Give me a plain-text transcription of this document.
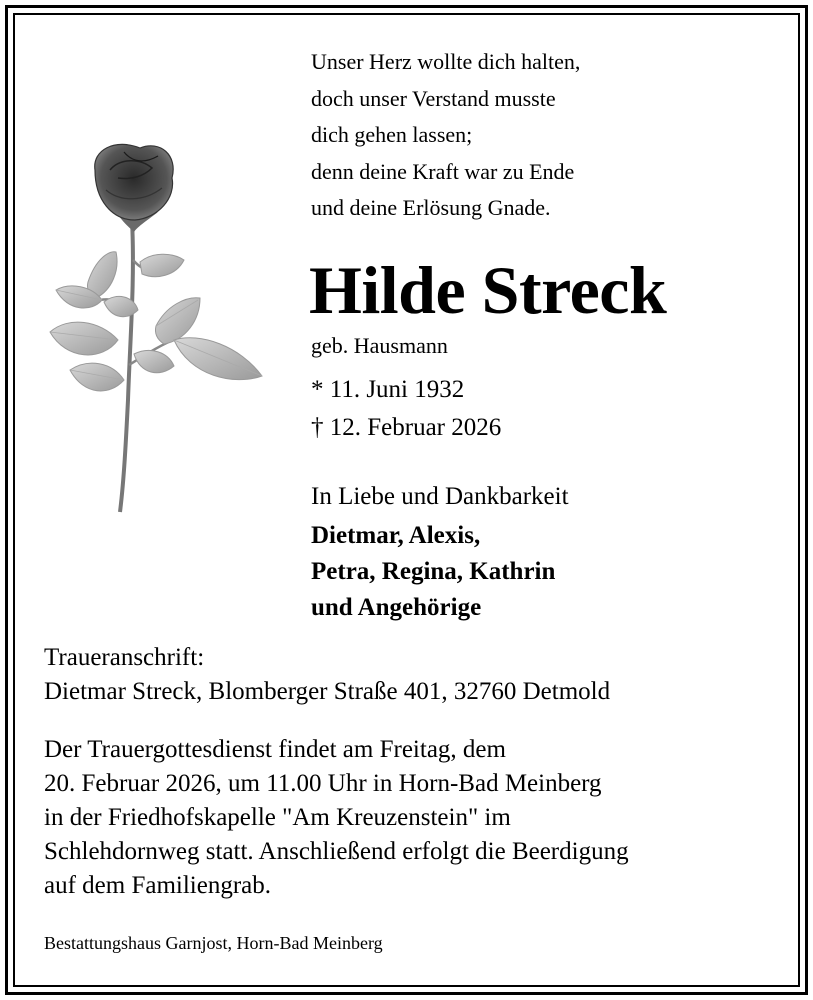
Unser Herz wollte dich halten,
doch unser Verstand musste
dich gehen lassen;
denn deine Kraft war zu Ende
und deine Erlösung Gnade.
Hilde Streck
geb. Hausmann
* 11. Juni 1932
† 12. Februar 2026
In Liebe und Dankbarkeit
Dietmar, Alexis,
Petra, Regina, Kathrin
und Angehörige
Traueranschrift:
Dietmar Streck, Blomberger Straße 401, 32760 Detmold
Der Trauergottesdienst findet am Freitag, dem
20. Februar 2026, um 11.00 Uhr in Horn-Bad Meinberg
in der Friedhofskapelle "Am Kreuzenstein" im
Schlehdornweg statt. Anschließend erfolgt die Beerdigung
auf dem Familiengrab.
Bestattungshaus Garnjost, Horn-Bad Meinberg
